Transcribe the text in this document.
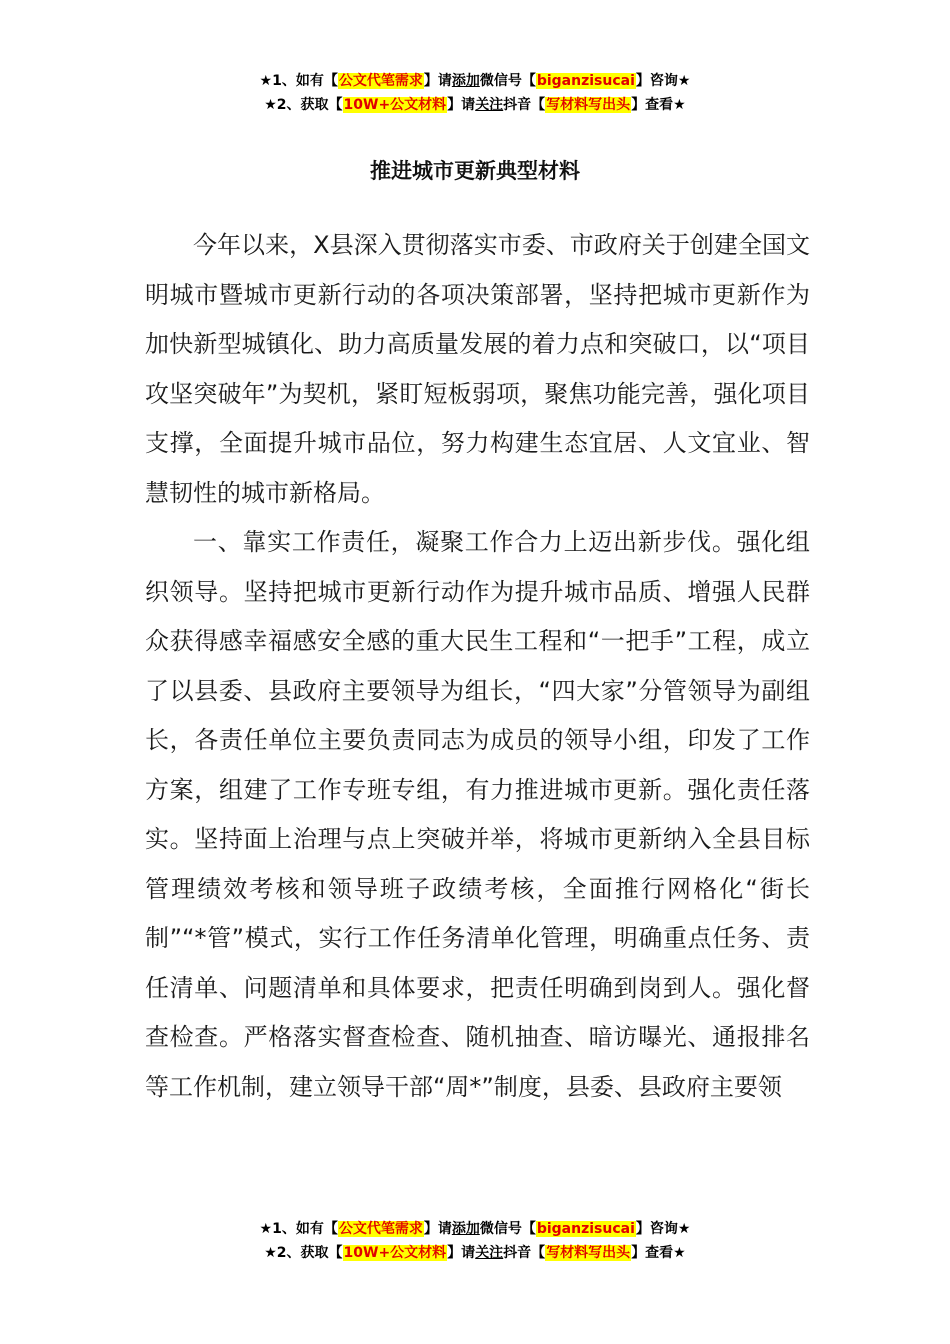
★1、如有【公文代笔需求】请添加微信号【biganzisucai】咨询★
★2、获取【10W+公文材料】请关注抖音【写材料写出头】查看★
推进城市更新典型材料

今年以来，X县深入贯彻落实市委、市政府关于创建全国文明城市暨城市更新行动的各项决策部署，坚持把城市更新作为加快新型城镇化、助力高质量发展的着力点和突破口，以“项目攻坚突破年”为契机，紧盯短板弱项，聚焦功能完善，强化项目支撑，全面提升城市品位，努力构建生态宜居、人文宜业、智慧韧性的城市新格局。

一、靠实工作责任，凝聚工作合力上迈出新步伐。强化组织领导。坚持把城市更新行动作为提升城市品质、增强人民群众获得感幸福感安全感的重大民生工程和“一把手”工程，成立了以县委、县政府主要领导为组长，“四大家”分管领导为副组长，各责任单位主要负责同志为成员的领导小组，印发了工作方案，组建了工作专班专组，有力推进城市更新。强化责任落实。坚持面上治理与点上突破并举，将城市更新纳入全县目标管理绩效考核和领导班子政绩考核，全面推行网格化“街长制”“*管”模式，实行工作任务清单化管理，明确重点任务、责任清单、问题清单和具体要求，把责任明确到岗到人。强化督查检查。严格落实督查检查、随机抽查、暗访曝光、通报排名等工作机制，建立领导干部“周*”制度，县委、县政府主要领

★1、如有【公文代笔需求】请添加微信号【biganzisucai】咨询★
★2、获取【10W+公文材料】请关注抖音【写材料写出头】查看★
